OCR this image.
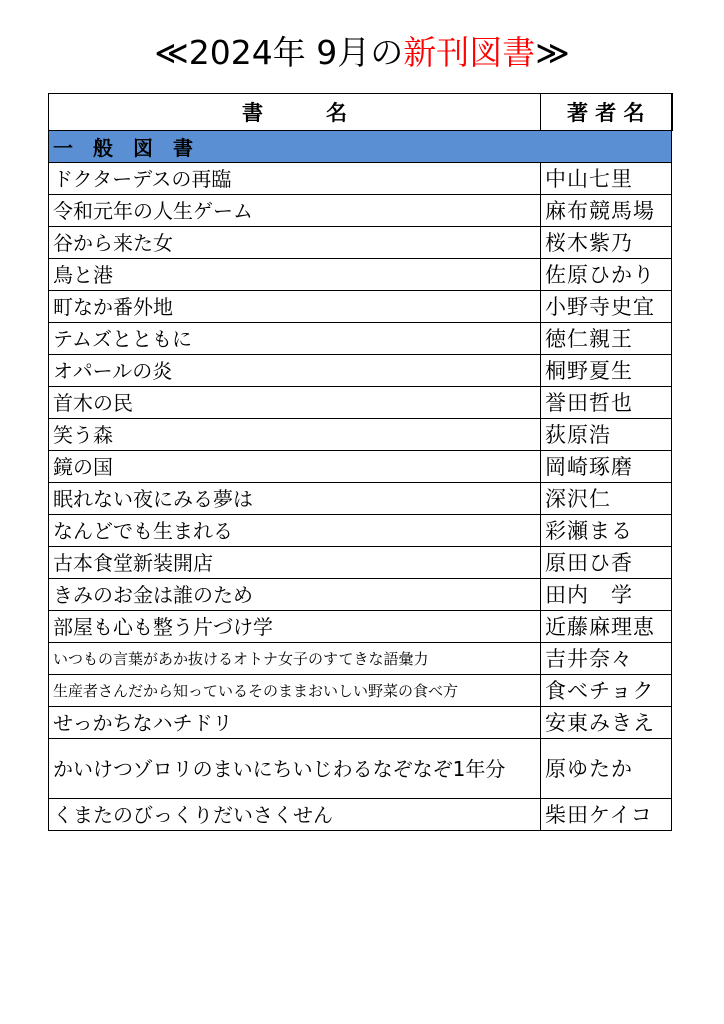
≪2024年 9月の新刊図書≫
書　　　名	著 者 名
一　般　図　書	
ドクターデスの再臨	中山七里
令和元年の人生ゲーム	麻布競馬場
谷から来た女	桜木紫乃
鳥と港	佐原ひかり
町なか番外地	小野寺史宜
テムズとともに	徳仁親王
オパールの炎	桐野夏生
首木の民	誉田哲也
笑う森	荻原浩
鏡の国	岡崎琢磨
眠れない夜にみる夢は	深沢仁
なんどでも生まれる	彩瀬まる
古本食堂新装開店	原田ひ香
きみのお金は誰のため	田内　学
部屋も心も整う片づけ学	近藤麻理恵
いつもの言葉があか抜けるオトナ女子のすてきな語彙力	吉井奈々
生産者さんだから知っているそのままおいしい野菜の食べ方	食べチョク
せっかちなハチドリ	安東みきえ
かいけつゾロリのまいにちいじわるなぞなぞ1年分	原ゆたか
くまたのびっくりだいさくせん	柴田ケイコ
